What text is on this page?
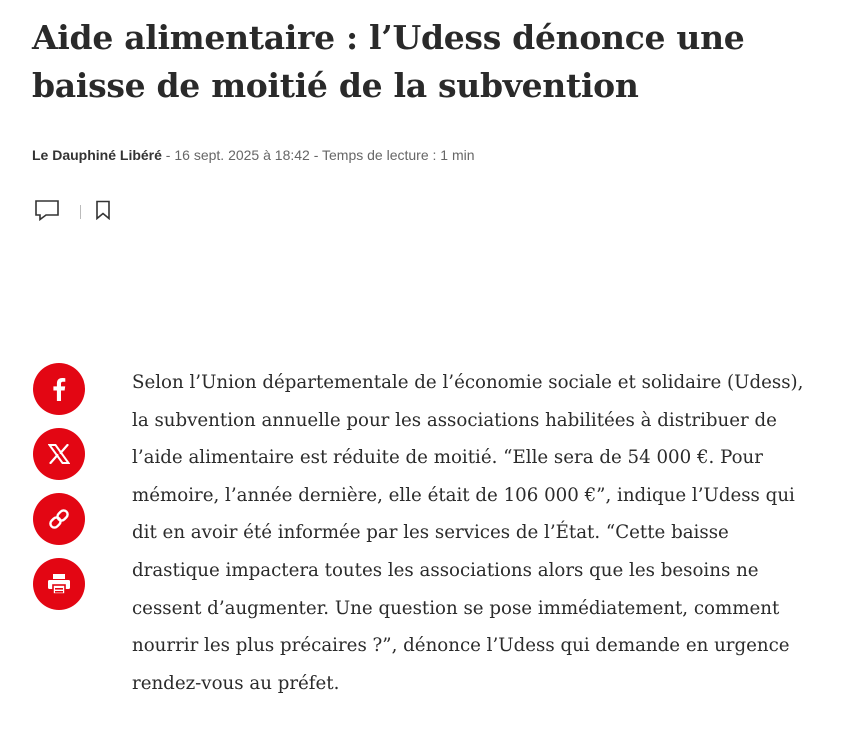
Aide alimentaire : l’Udess dénonce une baisse de moitié de la subvention
Le Dauphiné Libéré - 16 sept. 2025 à 18:42 - Temps de lecture : 1 min

Selon l’Union départementale de l’économie sociale et solidaire (Udess), la subvention annuelle pour les associations habilitées à distribuer de l’aide alimentaire est réduite de moitié. “Elle sera de 54 000 €. Pour mémoire, l’année dernière, elle était de 106 000 €”, indique l’Udess qui dit en avoir été informée par les services de l’État. “Cette baisse drastique impactera toutes les associations alors que les besoins ne cessent d’augmenter. Une question se pose immédiatement, comment nourrir les plus précaires ?”, dénonce l’Udess qui demande en urgence rendez-vous au préfet.
